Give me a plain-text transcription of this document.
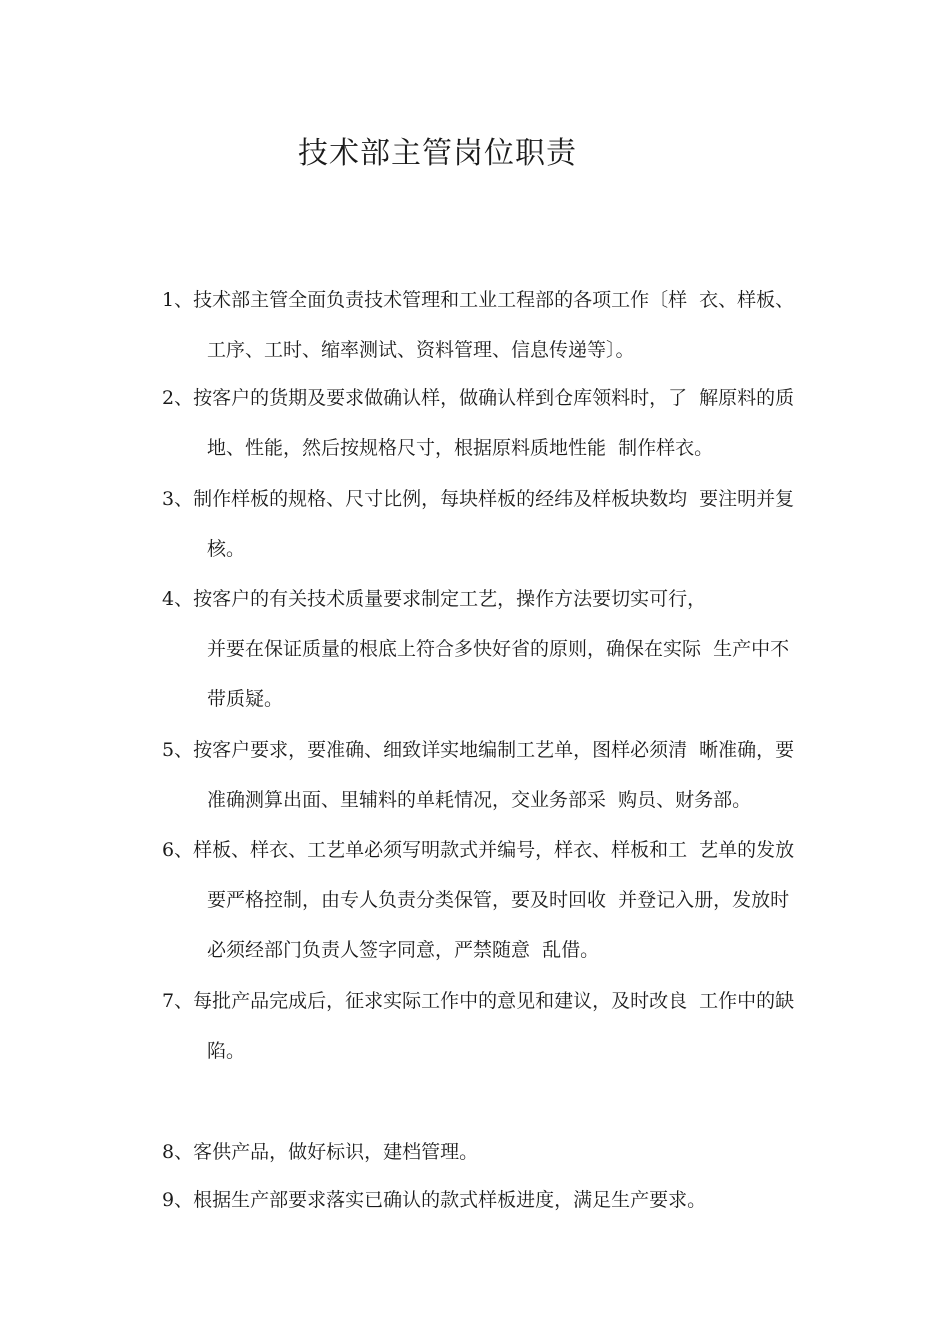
技术部主管岗位职责
1、技术部主管全面负责技术管理和工业工程部的各项工作〔样  衣、样板、
工序、工时、缩率测试、资料管理、信息传递等〕。
2、按客户的货期及要求做确认样，做确认样到仓库领料时，了  解原料的质
地、性能，然后按规格尺寸，根据原料质地性能  制作样衣。
3、制作样板的规格、尺寸比例，每块样板的经纬及样板块数均  要注明并复
核。
4、按客户的有关技术质量要求制定工艺，操作方法要切实可行，
并要在保证质量的根底上符合多快好省的原则，确保在实际  生产中不
带质疑。
5、按客户要求，要准确、细致详实地编制工艺单，图样必须清  晰准确，要
准确测算出面、里辅料的单耗情况，交业务部采  购员、财务部。
6、样板、样衣、工艺单必须写明款式并编号，样衣、样板和工  艺单的发放
要严格控制，由专人负责分类保管，要及时回收  并登记入册，发放时
必须经部门负责人签字同意，严禁随意  乱借。
7、每批产品完成后，征求实际工作中的意见和建议，及时改良  工作中的缺
陷。
8、客供产品，做好标识，建档管理。
9、根据生产部要求落实已确认的款式样板进度，满足生产要求。
